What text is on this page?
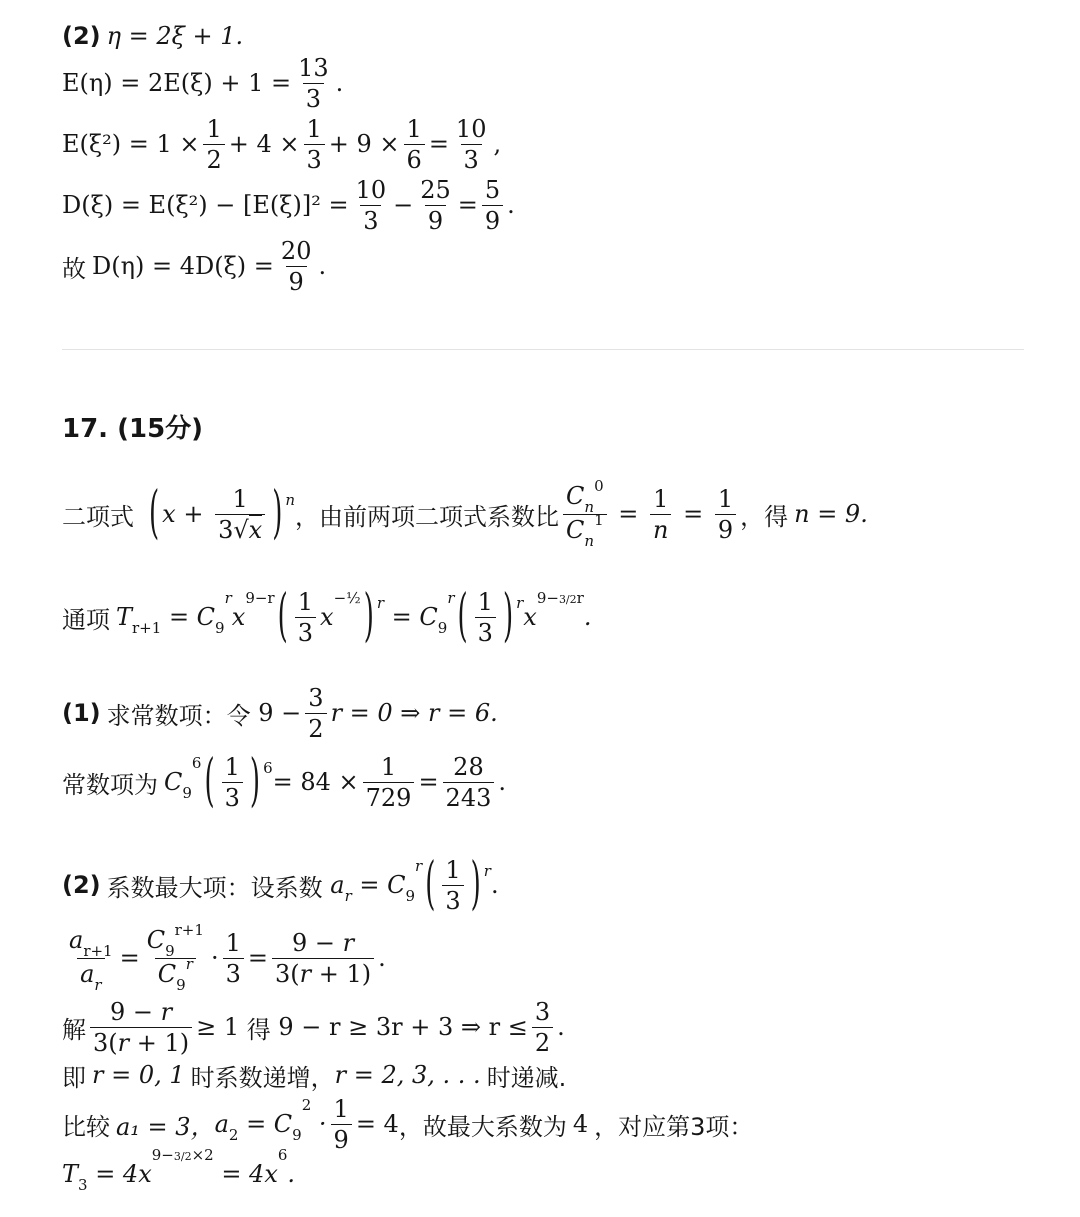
(2) η = 2ξ + 1.
$E(\eta) = 2E(\xi) + 1 = \frac{13}{3}$ .
$E(\xi^2) = 1 \times \frac{1}{2} + 4 \times \frac{1}{3} + 9 \times \frac{1}{6} = \frac{10}{3}$ ,
$D(\xi) = E(\xi^2) - [E(\xi)]^2 = \frac{10}{3} - \frac{25}{9} = \frac{5}{9}$ .
故 $D(\eta) = 4D(\xi) = \frac{20}{9}$ .
17. (15分)
二项式 ( $x + \frac{1}{3√x}$ ) n
，由前两项二项式系数比 $\frac{C_n^0}{C_n^1} = \frac{1}{n} = \frac{1}{9}$ ，得 n = 9.
通项 $T_{r+1} = C_9^rx^{9-r}$ ( $\frac{1}{3} x^{-\frac{1}{2}}$ ) $r = C_9^r$ ( $\frac{1}{3}$ ) r $x^{9-3/2r}$.
(1) 求常数项：令 $9 - \frac{3}{2}$ r = 0 ⇒ r = 6.
常数项为 $C_9^6$ ( $\frac{1}{3}$ ) $6 = 84 \times \frac{1}{729} = \frac{28}{243}$ .
(2) 系数最大项：设系数 $a_r = C_9^r$ ( $\frac{1}{3}$ ) r .
$\frac{a_{r+1}}{a_r} = \frac{C_9^{r+1}}{C_9^r} \cdot \frac{1}{3} = \frac{9 - r}{3(r + 1)}$ .
解 $\frac{9 - r}{3(r + 1)} \ge 1$ 得
9 − r ≥ 3r + 3 ⇒ $r \le \frac{3}{2}$ .
即 r = 0, 1 时系数递增， r = 2, 3, . . . 时递减.
比较 a₁ = 3， $a_2 = C_9^2 \cdot \frac{1}{9} = 4$ ，故最大系数为 4 ，对应第3项：
$T_3 = 4x^{9-3/2\times 2} = 4x^6$.
